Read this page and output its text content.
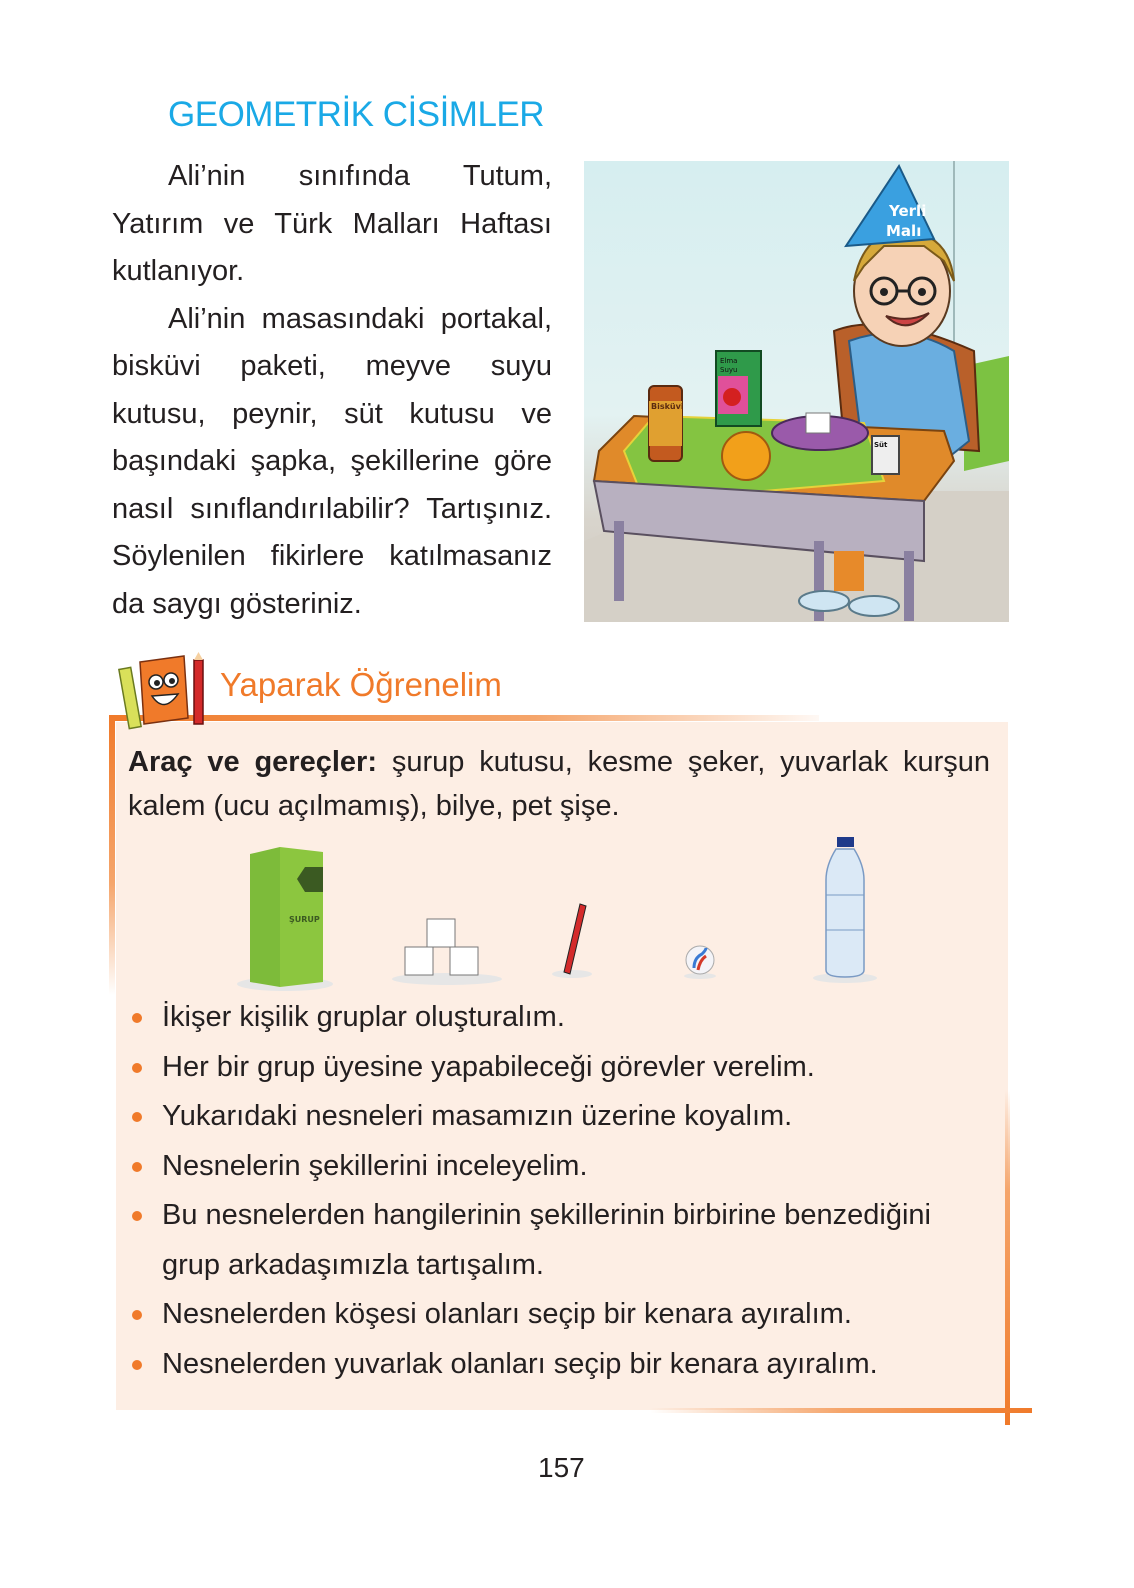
GEOMETRİK CİSİMLER

Ali’nin sınıfında Tutum, Yatırım ve Türk Malları Haftası kutlanıyor.

Ali’nin masasındaki portakal, bisküvi paketi, meyve suyu kutusu, peynir, süt kutusu ve başındaki şapka, şekillerine göre nasıl sınıflandırılabilir? Tartışınız. Söylenilen fikirlere katılmasanız da saygı gösteriniz.

Yerli
Malı
Bisküvi
Elma
Suyu
Süt
Yaparak Öğrenelim
Araç ve gereçler: şurup kutusu, kesme şeker, yuvarlak kurşun kalem (ucu açılmamış), bilye, pet şişe.
ŞURUP
İkişer kişilik gruplar oluşturalım.
Her bir grup üyesine yapabileceği görevler verelim.
Yukarıdaki nesneleri masamızın üzerine koyalım.
Nesnelerin şekillerini inceleyelim.
Bu nesnelerden hangilerinin şekillerinin birbirine benzediğini grup arkadaşımızla tartışalım.
Nesnelerden köşesi olanları seçip bir kenara ayıralım.
Nesnelerden yuvarlak olanları seçip bir kenara ayıralım.
157
